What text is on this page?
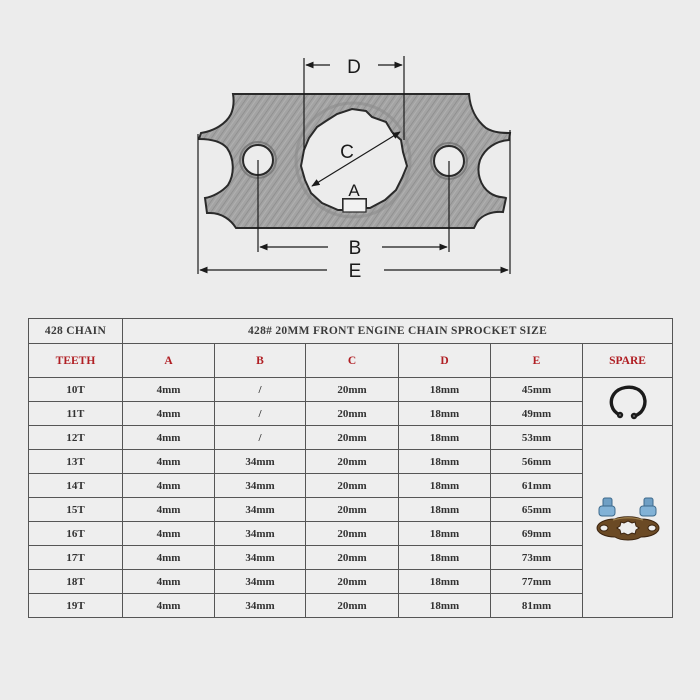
D
C
A
B
E
428 CHAIN	428# 20MM FRONT ENGINE CHAIN SPROCKET SIZE					
TEETH	A	B	C	D	E	SPARE
10T	4mm	/	20mm	18mm	45mm	

11T	4mm	/	20mm	18mm	49mm	
12T	4mm	/	20mm	18mm	53mm	

13T	4mm	34mm	20mm	18mm	56mm	
14T	4mm	34mm	20mm	18mm	61mm	
15T	4mm	34mm	20mm	18mm	65mm	
16T	4mm	34mm	20mm	18mm	69mm	
17T	4mm	34mm	20mm	18mm	73mm	
18T	4mm	34mm	20mm	18mm	77mm	
19T	4mm	34mm	20mm	18mm	81mm	
